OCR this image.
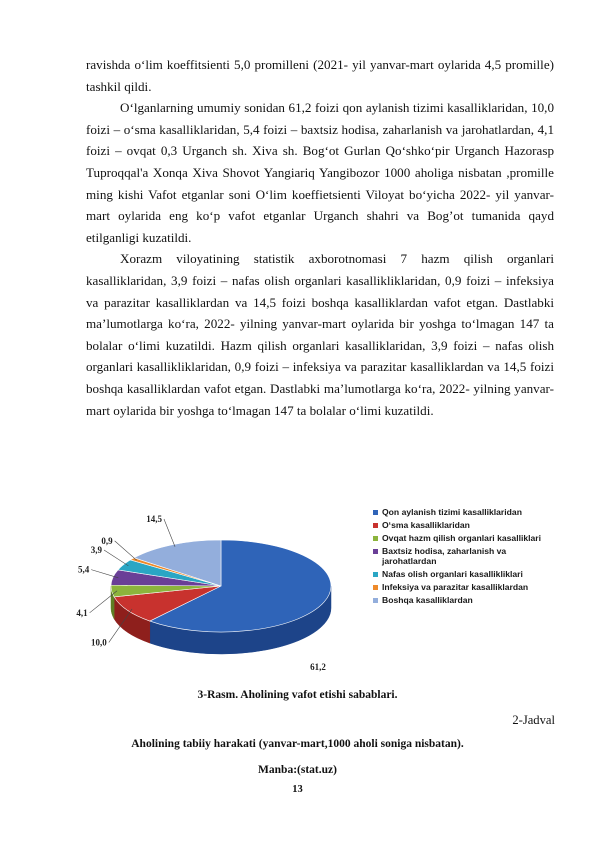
ravishda o‘lim koeffitsienti 5,0 promilleni (2021- yil yanvar-mart oylarida 4,5 promille) tashkil qildi.

O‘lganlarning umumiy sonidan 61,2 foizi qon aylanish tizimi kasalliklaridan, 10,0 foizi – o‘sma kasalliklaridan, 5,4 foizi – baxtsiz hodisa, zaharlanish va jarohatlardan, 4,1 foizi – ovqat 0,3 Urganch sh. Xiva sh. Bog‘ot Gurlan Qo‘shko‘pir Urganch Hazorasp Tuproqqal'a Xonqa Xiva Shovot Yangiariq Yangibozor 1000 aholiga nisbatan ,promille ming kishi Vafot etganlar soni O‘lim koeffietsienti Viloyat bo‘yicha 2022- yil yanvar-mart oylarida eng ko‘p vafot etganlar Urganch shahri va Bog’ot tumanida qayd etilganligi kuzatildi.

Xorazm viloyatining statistik axborotnomasi 7 hazm qilish organlari kasalliklaridan, 3,9 foizi – nafas olish organlari kasallikliklaridan, 0,9 foizi – infeksiya va parazitar kasalliklardan va 14,5 foizi boshqa kasalliklardan vafot etgan. Dastlabki ma’lumotlarga ko‘ra, 2022- yilning yanvar-mart oylarida bir yoshga to‘lmagan 147 ta bolalar o‘limi kuzatildi. Hazm qilish organlari kasalliklaridan, 3,9 foizi – nafas olish organlari kasallikliklaridan, 0,9 foizi – infeksiya va parazitar kasalliklardan va 14,5 foizi boshqa kasalliklardan vafot etgan. Dastlabki ma’lumotlarga ko‘ra, 2022- yilning yanvar-mart oylarida bir yoshga to‘lmagan 147 ta bolalar o‘limi kuzatildi.

61,2
10,0
4,1
5,4
3,9
0,9
14,5
Qon aylanish tizimi kasalliklaridan
O‘sma kasalliklaridan
Ovqat hazm qilish organlari kasalliklari
Baxtsiz hodisa, zaharlanish va jarohatlardan
Nafas olish organlari kasallikliklari
Infeksiya va parazitar kasalliklardan
Boshqa kasalliklardan
3-Rasm. Aholining vafot etishi sabablari.
2-Jadval
Aholining tabiiy harakati (yanvar-mart,1000 aholi soniga nisbatan).
Manba:(stat.uz)
13
